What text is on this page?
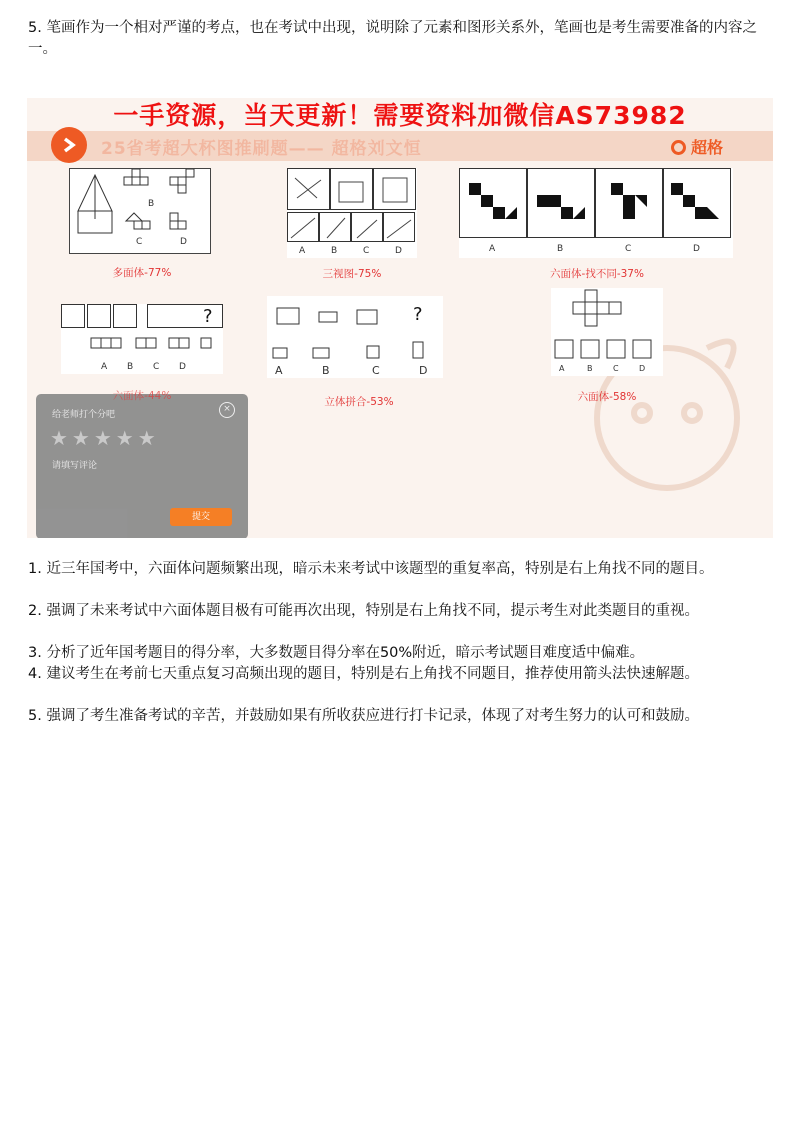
5. 笔画作为一个相对严谨的考点，也在考试中出现，说明除了元素和图形关系外，笔画也是考生需要准备的内容之一。

一手资源，当天更新！需要资料加微信AS73982
25省考超大杯图推刷题—— 超格刘文恒	超格
B
C	D
多面体-77%
A	B	C	D
三视图-75%
A	B	C	D
六面体-找不同-37%
?
A B C D
?
A	B	C	D
立体拼合-53%
A	B	C	D
六面体-58%
六面体-44%
给老师打个分吧
×
★★★★★
请填写评论
提交

1. 近三年国考中，六面体问题频繁出现，暗示未来考试中该题型的重复率高，特别是右上角找不同的题目。

2. 强调了未来考试中六面体题目极有可能再次出现，特别是右上角找不同，提示考生对此类题目的重视。

3. 分析了近年国考题目的得分率，大多数题目得分率在50%附近，暗示考试题目难度适中偏难。

4. 建议考生在考前七天重点复习高频出现的题目，特别是右上角找不同题目，推荐使用箭头法快速解题。

5. 强调了考生准备考试的辛苦，并鼓励如果有所收获应进行打卡记录，体现了对考生努力的认可和鼓励。
